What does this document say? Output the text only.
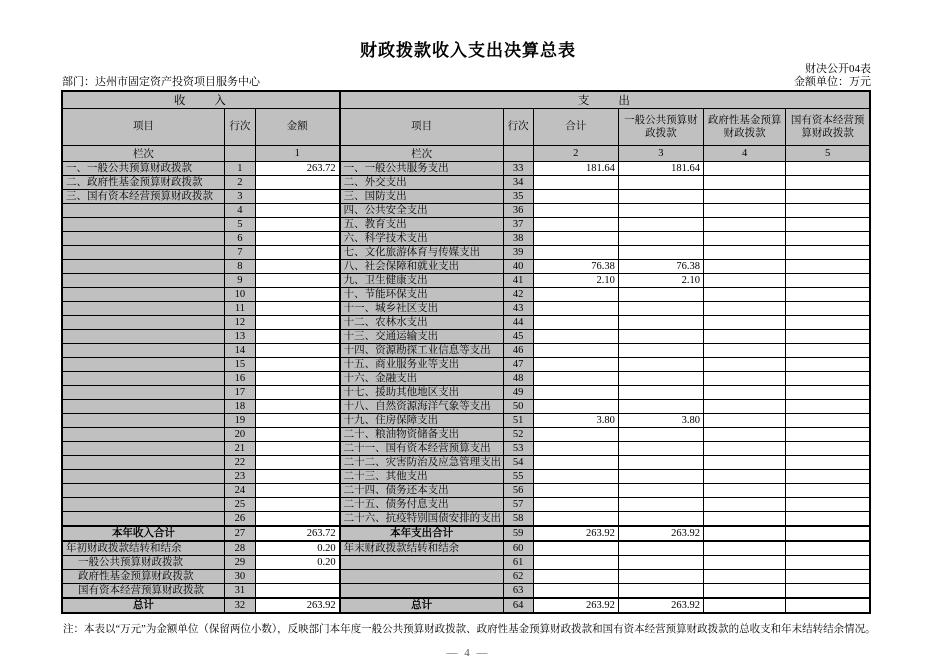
财政拨款收入支出决算总表
财决公开04表
金额单位：万元
部门：达州市固定资产投资项目服务中心
收　　入			支　　出					
项目	行次	金额	项目	行次	合计	一般公共预算财政拨款	政府性基金预算财政拨款	国有资本经营预算财政拨款
栏次		1	栏次		2	3	4	5
一、一般公共预算财政拨款	1	263.72	一、一般公共服务支出	33	181.64	181.64		
二、政府性基金预算财政拨款	2		二、外交支出	34				
三、国有资本经营预算财政拨款	3		三、国防支出	35				
	4		四、公共安全支出	36				
	5		五、教育支出	37				
	6		六、科学技术支出	38				
	7		七、文化旅游体育与传媒支出	39				
	8		八、社会保障和就业支出	40	76.38	76.38		
	9		九、卫生健康支出	41	2.10	2.10		
	10		十、节能环保支出	42				
	11		十一、城乡社区支出	43				
	12		十二、农林水支出	44				
	13		十三、交通运输支出	45				
	14		十四、资源勘探工业信息等支出	46				
	15		十五、商业服务业等支出	47				
	16		十六、金融支出	48				
	17		十七、援助其他地区支出	49				
	18		十八、自然资源海洋气象等支出	50				
	19		十九、住房保障支出	51	3.80	3.80		
	20		二十、粮油物资储备支出	52				
	21		二十一、国有资本经营预算支出	53				
	22		二十二、灾害防治及应急管理支出	54				
	23		二十三、其他支出	55				
	24		二十四、债务还本支出	56				
	25		二十五、债务付息支出	57				
	26		二十六、抗疫特别国债安排的支出	58				
本年收入合计	27	263.72	本年支出合计	59	263.92	263.92		
年初财政拨款结转和结余	28	0.20	年末财政拨款结转和结余	60				
一般公共预算财政拨款	29	0.20		61				
政府性基金预算财政拨款	30			62				
国有资本经营预算财政拨款	31			63				
总计	32	263.92	总计	64	263.92	263.92		
注：本表以“万元”为金额单位（保留两位小数），反映部门本年度一般公共预算财政拨款、政府性基金预算财政拨款和国有资本经营预算财政拨款的总收支和年末结转结余情况。
— 4 —
